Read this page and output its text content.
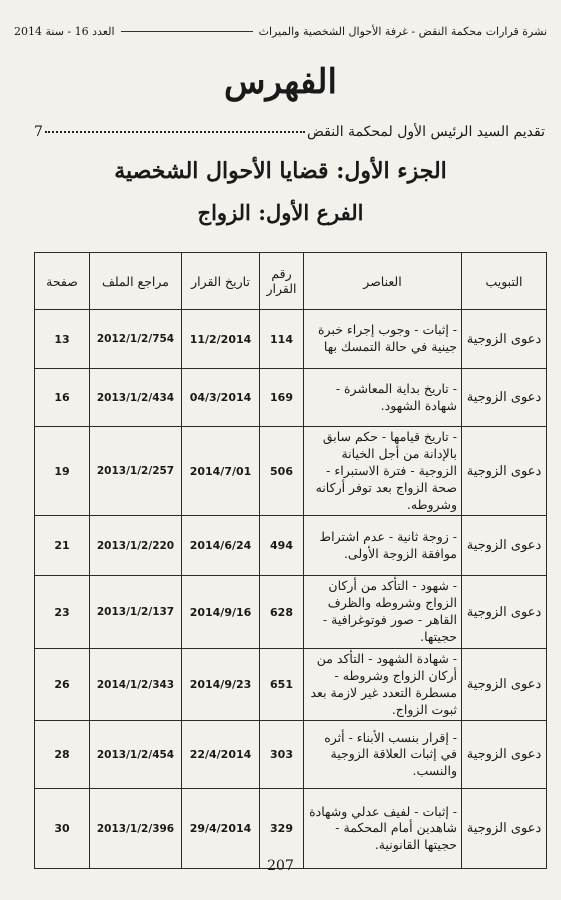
نشرة قرارات محكمة النقض - غرفة الأحوال الشخصية والميراث
العدد 16 - سنة 2014
الفهرس
تقديم السيد الرئيس الأول لمحكمة النقض
7
الجزء الأول: قضايا الأحوال الشخصية
الفرع الأول: الزواج
التبويب	العناصر	رقم القرار	تاريخ القرار	مراجع الملف	صفحة
دعوى الزوجية	- إثبات - وجوب إجراء خبرة جينية في حالة التمسك بها	114	11/2/2014	2012/1/2/754	13
دعوى الزوجية	- تاريخ بداية المعاشرة - شهادة الشهود.	169	04/3/2014	2013/1/2/434	16
دعوى الزوجية	- تاريخ قيامها - حكم سابق بالإدانة من أجل الخيانة الزوجية - فترة الاستبراء - صحة الزواج بعد توفر أركانه وشروطه.	506	2014/7/01	2013/1/2/257	19
دعوى الزوجية	- زوجة ثانية - عدم اشتراط موافقة الزوجة الأولى.	494	2014/6/24	2013/1/2/220	21
دعوى الزوجية	- شهود - التأكد من أركان الزواج وشروطه والظرف القاهر - صور فوتوغرافية - حجيتها.	628	2014/9/16	2013/1/2/137	23
دعوى الزوجية	- شهادة الشهود - التأكد من أركان الزواج وشروطه - مسطرة التعدد غير لازمة بعد ثبوت الزواج.	651	2014/9/23	2014/1/2/343	26
دعوى الزوجية	- إقرار بنسب الأبناء - أثره في إثبات العلاقة الزوجية والنسب.	303	22/4/2014	2013/1/2/454	28
دعوى الزوجية	- إثبات - لفيف عدلي وشهادة شاهدين أمام المحكمة - حجيتها القانونية.	329	29/4/2014	2013/1/2/396	30
207
